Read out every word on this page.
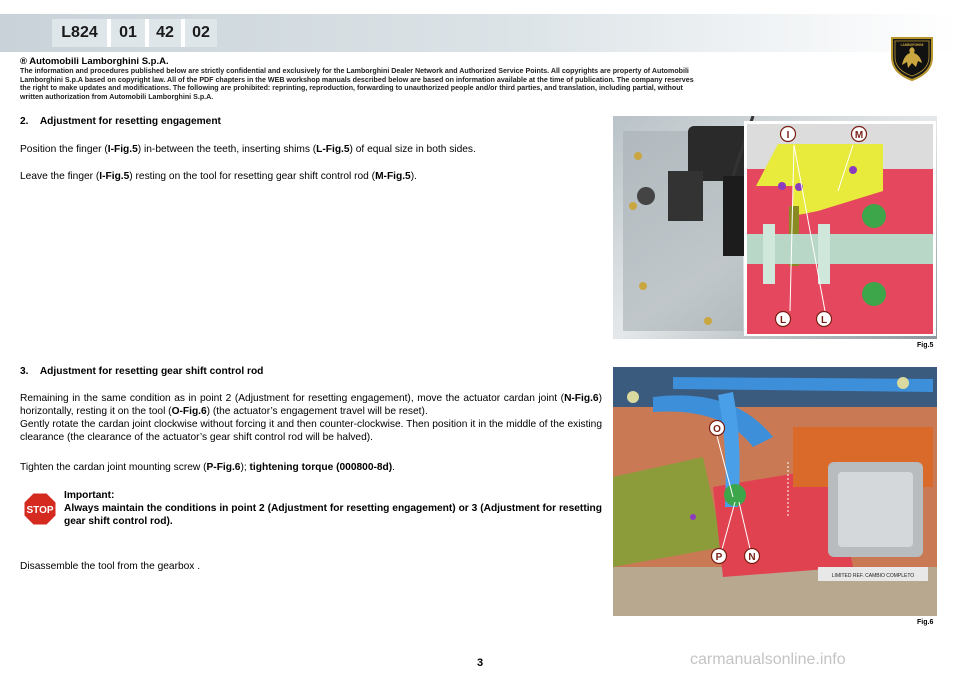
L824	01	42	02
LAMBORGHINI
® Automobili Lamborghini S.p.A.
The information and procedures published below are strictly confidential and exclusively for the Lamborghini Dealer Network and Authorized Service Points. All copyrights are property of Automobili
Lamborghini S.p.A based on copyright law. All of the PDF chapters in the WEB workshop manuals described below are based on information available at the time of publication. The company reserves
the right to make updates and modifications. The following are prohibited: reprinting, reproduction, forwarding to unauthorized people and/or third parties, and translation, including partial, without
written authorization from Automobili Lamborghini S.p.A.
2.    Adjustment for resetting engagement
Position the finger (I-Fig.5) in-between the teeth, inserting shims (L-Fig.5) of equal size in both sides.
Leave the finger (I-Fig.5) resting on the tool for resetting gear shift control rod (M-Fig.5).
3.    Adjustment for resetting gear shift control rod
Remaining in the same condition as in point 2 (Adjustment for resetting engagement), move the actuator cardan joint (N-Fig.6) horizontally, resting it on the tool (O-Fig.6) (the actuator’s engagement travel will be reset).
Gently rotate the cardan joint clockwise without forcing it and then counter-clockwise. Then position it in the middle of the existing clearance (the clearance of the actuator’s gear shift control rod will be halved).
Tighten the cardan joint mounting screw (P-Fig.6); tightening torque (000800-8d).
STOP
Important:
Always maintain the conditions in point 2 (Adjustment for resetting engagement) or 3 (Adjustment for resetting gear shift control rod).
Disassemble the tool from the gearbox .
I	M
L	L
Fig.5
LIMITED REF. CAMBIO COMPLETO
O
P	N
Fig.6
3	carmanualsonline.info
